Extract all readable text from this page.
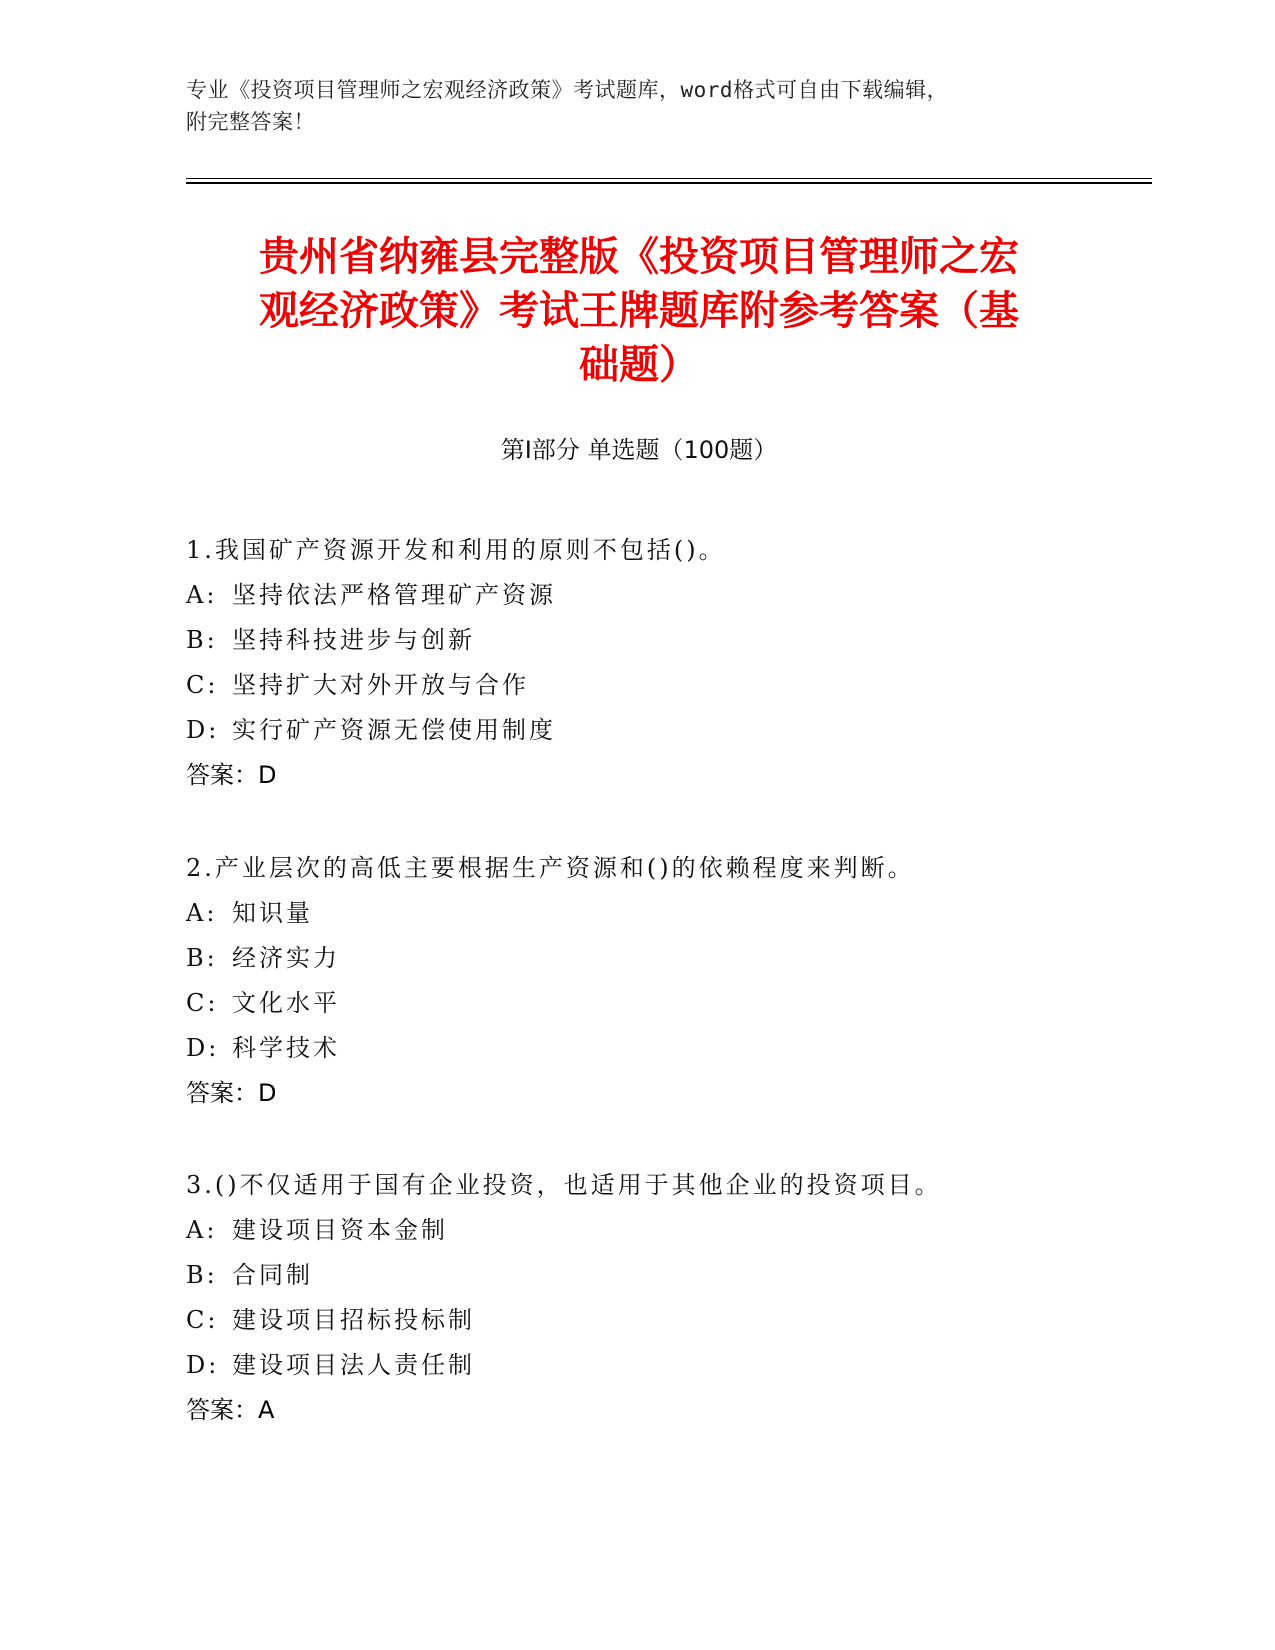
专业《投资项目管理师之宏观经济政策》考试题库，word格式可自由下载编辑，
附完整答案！
贵州省纳雍县完整版《投资项目管理师之宏
观经济政策》考试王牌题库附参考答案（基
础题）
第Ⅰ部分 单选题（100题）
1.我国矿产资源开发和利用的原则不包括()。
A: 坚持依法严格管理矿产资源
B: 坚持科技进步与创新
C: 坚持扩大对外开放与合作
D: 实行矿产资源无偿使用制度
答案：D
2.产业层次的高低主要根据生产资源和()的依赖程度来判断。
A: 知识量
B: 经济实力
C: 文化水平
D: 科学技术
答案：D
3.()不仅适用于国有企业投资，也适用于其他企业的投资项目。
A: 建设项目资本金制
B: 合同制
C: 建设项目招标投标制
D: 建设项目法人责任制
答案：A
